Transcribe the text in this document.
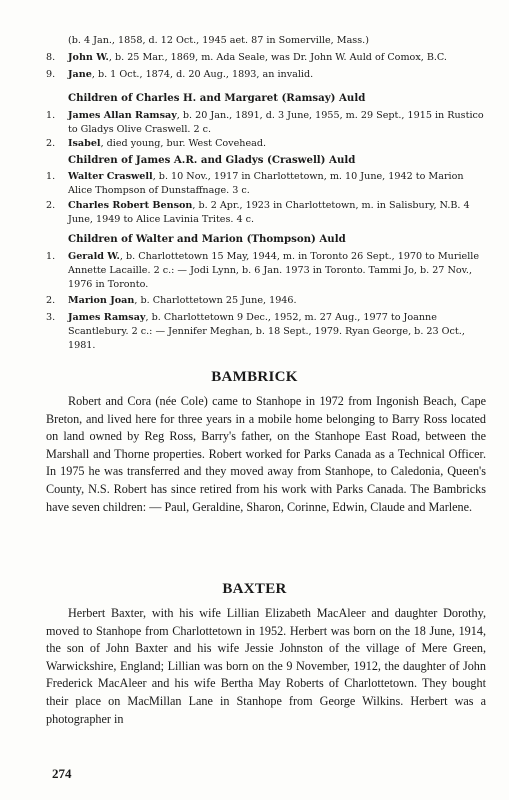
(b. 4 Jan., 1858, d. 12 Oct., 1945 aet. 87 in Somerville, Mass.)
8.	John W., b. 25 Mar., 1869, m. Ada Seale, was Dr. John W. Auld of Comox, B.C.
9.	Jane, b. 1 Oct., 1874, d. 20 Aug., 1893, an invalid.
Children of Charles H. and Margaret (Ramsay) Auld
1.	James Allan Ramsay, b. 20 Jan., 1891, d. 3 June, 1955, m. 29 Sept., 1915 in Rustico to Gladys Olive Craswell. 2 c.
2.	Isabel, died young, bur. West Covehead.
Children of James A.R. and Gladys (Craswell) Auld
1.	Walter Craswell, b. 10 Nov., 1917 in Charlottetown, m. 10 June, 1942 to Marion Alice Thompson of Dunstaffnage. 3 c.
2.	Charles Robert Benson, b. 2 Apr., 1923 in Charlottetown, m. in Salisbury, N.B. 4 June, 1949 to Alice Lavinia Trites. 4 c.
Children of Walter and Marion (Thompson) Auld
1.	Gerald W., b. Charlottetown 15 May, 1944, m. in Toronto 26 Sept., 1970 to Murielle Annette Lacaille. 2 c.: — Jodi Lynn, b. 6 Jan. 1973 in Toronto. Tammi Jo, b. 27 Nov., 1976 in Toronto.
2.	Marion Joan, b. Charlottetown 25 June, 1946.
3.	James Ramsay, b. Charlottetown 9 Dec., 1952, m. 27 Aug., 1977 to Joanne Scantlebury. 2 c.: — Jennifer Meghan, b. 18 Sept., 1979. Ryan George, b. 23 Oct., 1981.
BAMBRICK
Robert and Cora (née Cole) came to Stanhope in 1972 from Ingonish Beach, Cape Breton, and lived here for three years in a mobile home belonging to Barry Ross located on land owned by Reg Ross, Barry's father, on the Stanhope East Road, between the Marshall and Thorne properties. Robert worked for Parks Canada as a Technical Officer. In 1975 he was transferred and they moved away from Stanhope, to Caledonia, Queen's County, N.S. Robert has since retired from his work with Parks Canada. The Bambricks have seven children: — Paul, Geraldine, Sharon, Corinne, Edwin, Claude and Marlene.
BAXTER
Herbert Baxter, with his wife Lillian Elizabeth MacAleer and daughter Dorothy, moved to Stanhope from Charlottetown in 1952. Herbert was born on the 18 June, 1914, the son of John Baxter and his wife Jessie Johnston of the village of Mere Green, Warwickshire, England; Lillian was born on the 9 November, 1912, the daughter of John Frederick MacAleer and his wife Bertha May Roberts of Charlottetown. They bought their place on MacMillan Lane in Stanhope from George Wilkins. Herbert was a photographer in
274
